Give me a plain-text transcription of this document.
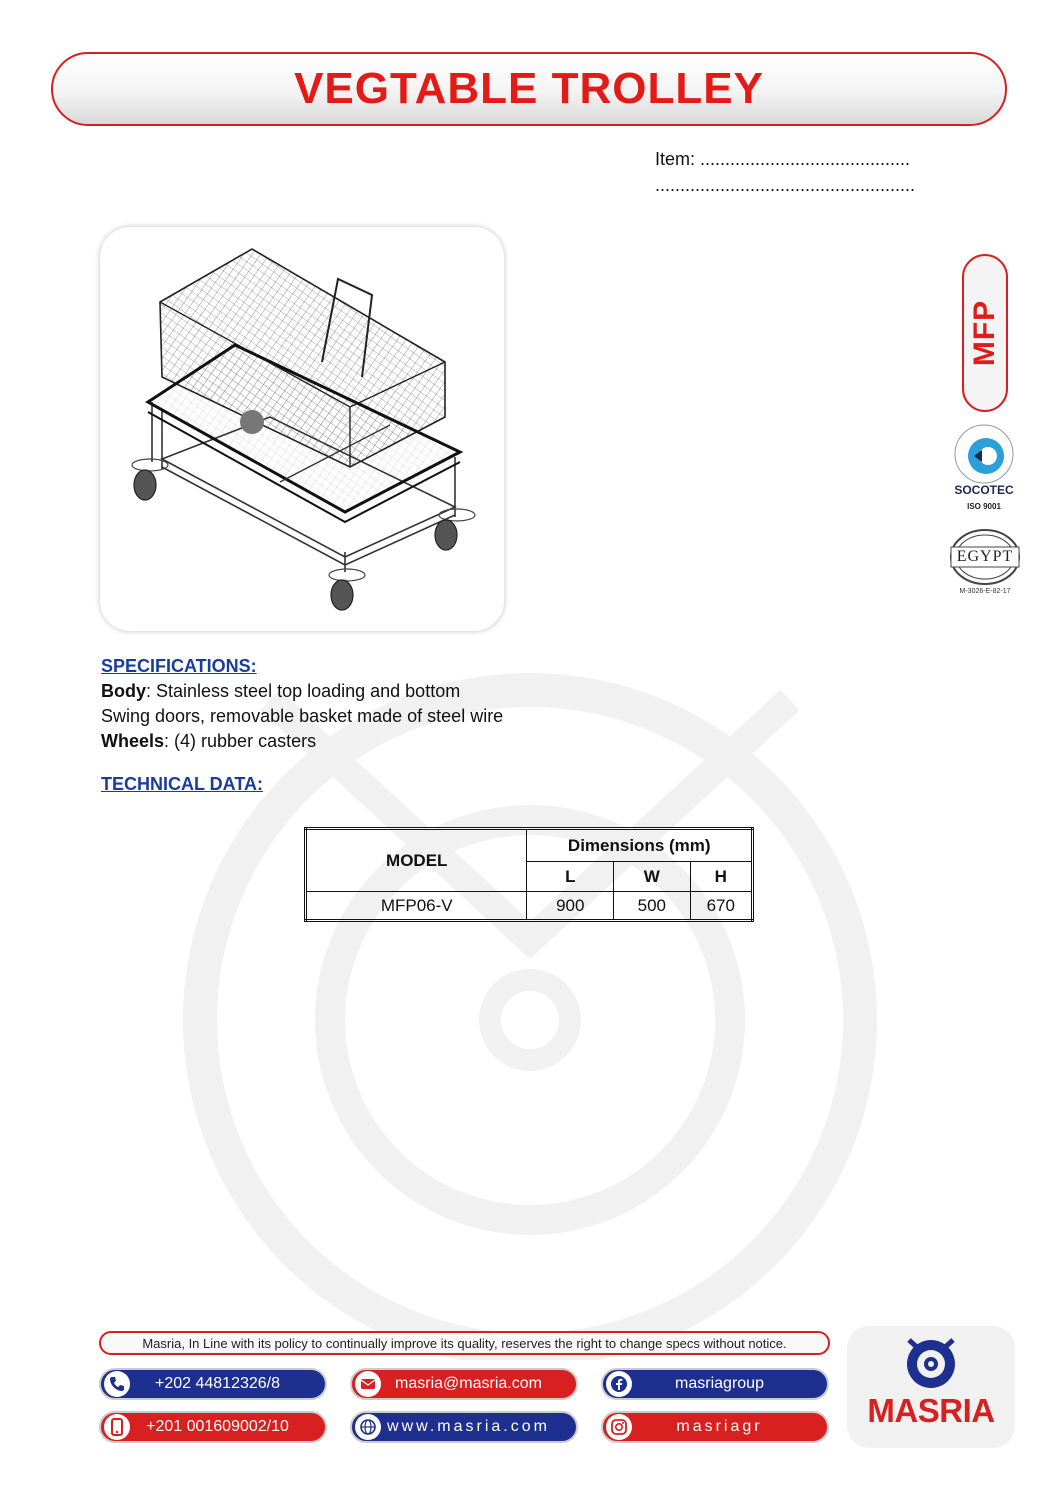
VEGTABLE TROLLEY
Item: ..........................................
....................................................
MFP
SOCOTEC
ISO 9001
EGYPT
M-3026-E-82-17
SPECIFICATIONS:
Body: Stainless steel top loading and bottom
Swing doors, removable basket made of steel wire
Wheels: (4) rubber casters
TECHNICAL DATA:
MODEL	Dimensions (mm)		
	L	W	H
MFP06-V	900	500	670
Masria, In Line with its policy to continually improve its quality, reserves the right to change specs without notice.
+202 44812326/8
+201 001609002/10
masria@masria.com
www.masria.com
masriagroup
masriagr	MASRIA
